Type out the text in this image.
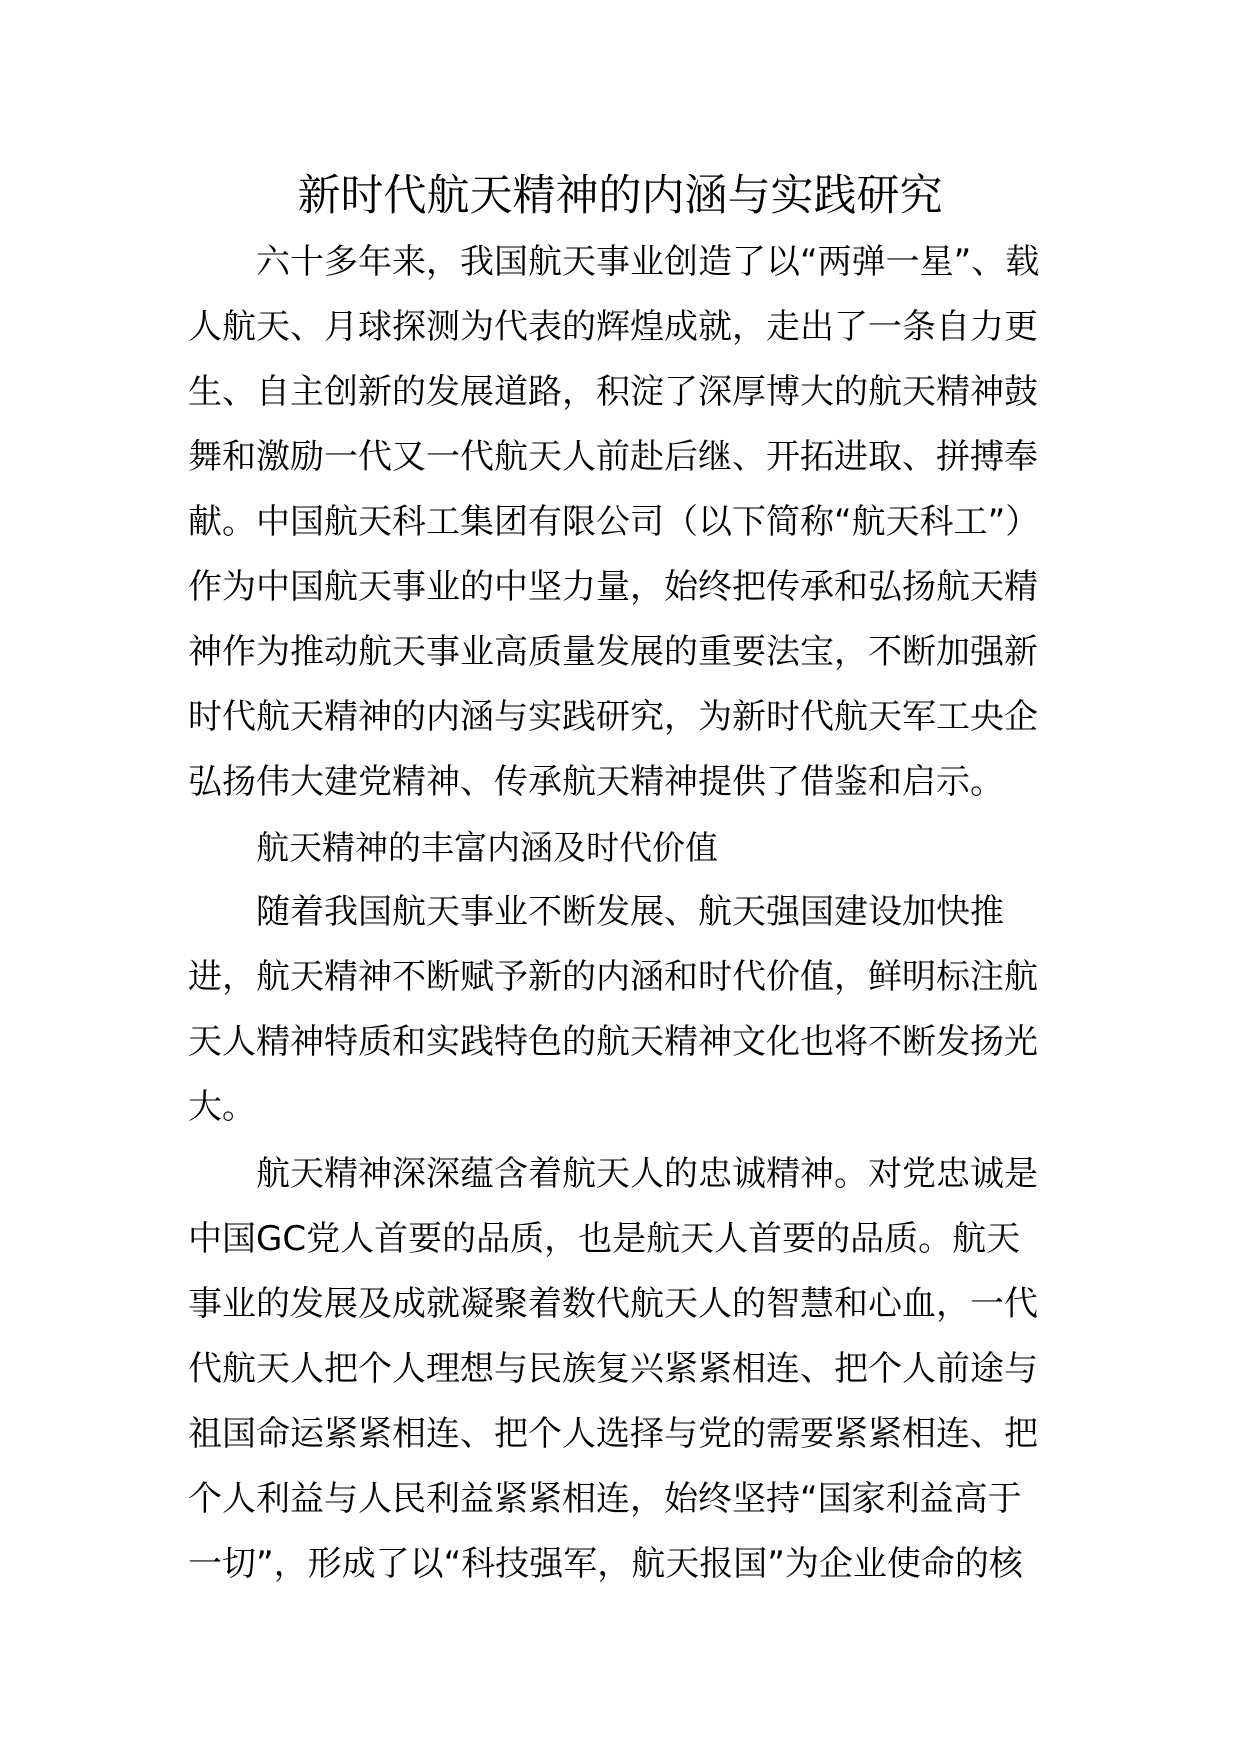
新时代航天精神的内涵与实践研究

六十多年来，我国航天事业创造了以“两弹一星”、载人航天、月球探测为代表的辉煌成就，走出了一条自力更生、自主创新的发展道路，积淀了深厚博大的航天精神鼓舞和激励一代又一代航天人前赴后继、开拓进取、拼搏奉献。中国航天科工集团有限公司（以下简称“航天科工”）作为中国航天事业的中坚力量，始终把传承和弘扬航天精神作为推动航天事业高质量发展的重要法宝，不断加强新时代航天精神的内涵与实践研究，为新时代航天军工央企弘扬伟大建党精神、传承航天精神提供了借鉴和启示。

航天精神的丰富内涵及时代价值

随着我国航天事业不断发展、航天强国建设加快推进，航天精神不断赋予新的内涵和时代价值，鲜明标注航天人精神特质和实践特色的航天精神文化也将不断发扬光大。

航天精神深深蕴含着航天人的忠诚精神。对党忠诚是中国GC党人首要的品质，也是航天人首要的品质。航天事业的发展及成就凝聚着数代航天人的智慧和心血，一代代航天人把个人理想与民族复兴紧紧相连、把个人前途与祖国命运紧紧相连、把个人选择与党的需要紧紧相连、把个人利益与人民利益紧紧相连，始终坚持“国家利益高于一切”，形成了以“科技强军，航天报国”为企业使命的核
